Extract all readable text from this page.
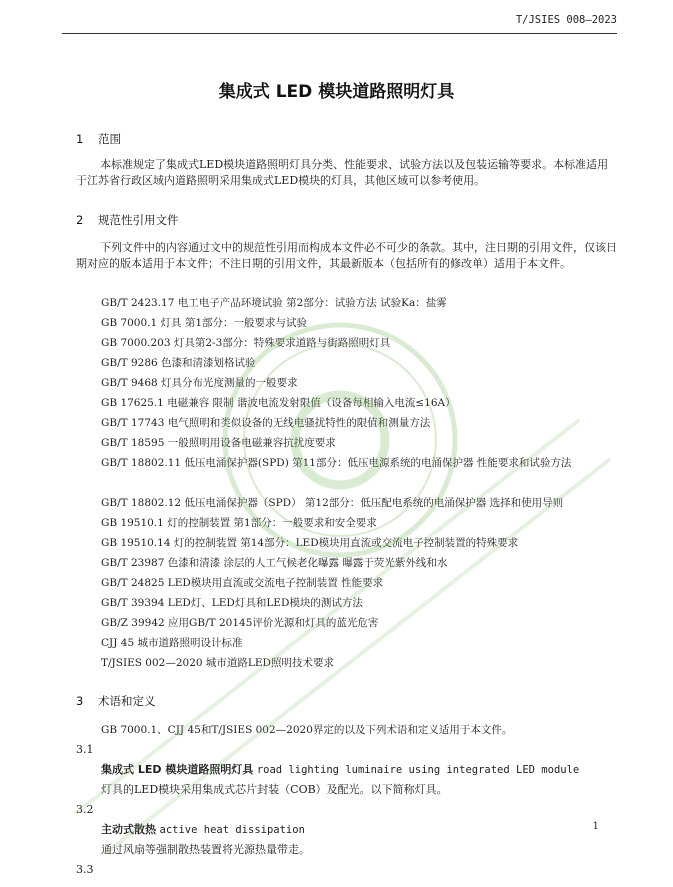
T/JSIES 008—2023
集成式 LED 模块道路照明灯具
1 范围
本标准规定了集成式LED模块道路照明灯具分类、性能要求、试验方法以及包装运输等要求。本标准适用于江苏省行政区域内道路照明采用集成式LED模块的灯具，其他区域可以参考使用。
2 规范性引用文件
下列文件中的内容通过文中的规范性引用而构成本文件必不可少的条款。其中，注日期的引用文件，仅该日期对应的版本适用于本文件；不注日期的引用文件，其最新版本（包括所有的修改单）适用于本文件。
GB/T 2423.17 电工电子产品环境试验 第2部分：试验方法 试验Ka：盐雾
GB 7000.1 灯具 第1部分：一般要求与试验
GB 7000.203 灯具第2-3部分：特殊要求道路与街路照明灯具
GB/T 9286 色漆和清漆划格试验
GB/T 9468 灯具分布光度测量的一般要求
GB 17625.1 电磁兼容 限制 谐波电流发射限值（设备每相输入电流≤16A）
GB/T 17743 电气照明和类似设备的无线电骚扰特性的限值和测量方法
GB/T 18595 一般照明用设备电磁兼容抗扰度要求
GB/T 18802.11 低压电涌保护器(SPD) 第11部分：低压电源系统的电涌保护器 性能要求和试验方法
GB/T 18802.12 低压电涌保护器（SPD） 第12部分：低压配电系统的电涌保护器 选择和使用导则
GB 19510.1 灯的控制装置 第1部分：一般要求和安全要求
GB 19510.14 灯的控制装置 第14部分：LED模块用直流或交流电子控制装置的特殊要求
GB/T 23987 色漆和清漆 涂层的人工气候老化曝露 曝露于荧光紫外线和水
GB/T 24825 LED模块用直流或交流电子控制装置 性能要求
GB/T 39394 LED灯、LED灯具和LED模块的测试方法
GB/Z 39942 应用GB/T 20145评价光源和灯具的蓝光危害
CJJ 45 城市道路照明设计标准
T/JSIES 002—2020 城市道路LED照明技术要求
3 术语和定义
GB 7000.1、CJJ 45和T/JSIES 002—2020界定的以及下列术语和定义适用于本文件。
3.1
集成式 LED 模块道路照明灯具 road lighting luminaire using integrated LED module
灯具的LED模块采用集成式芯片封装（COB）及配光。以下简称灯具。
3.2
主动式散热 active heat dissipation
通过风扇等强制散热装置将光源热量带走。
3.3
1
